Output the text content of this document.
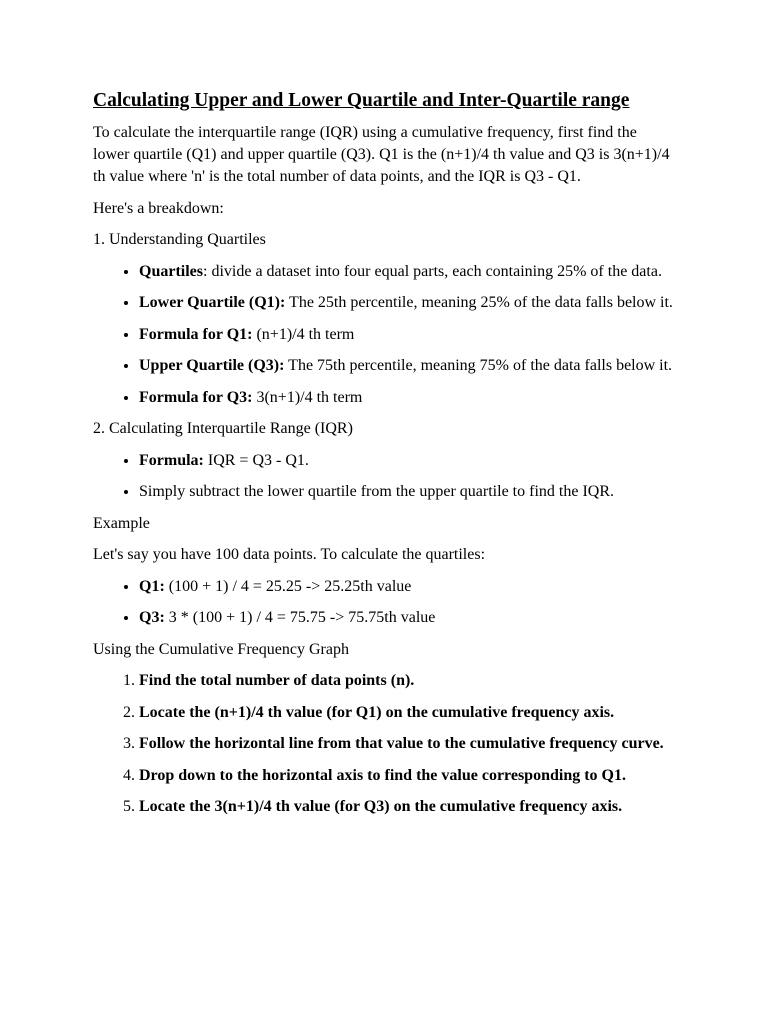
Calculating Upper and Lower Quartile and Inter-Quartile range

To calculate the interquartile range (IQR) using a cumulative frequency, first find the lower quartile (Q1) and upper quartile (Q3). Q1 is the (n+1)/4 th value and Q3 is 3(n+1)/4 th value where 'n' is the total number of data points, and the IQR is Q3 - Q1.

Here's a breakdown:

1. Understanding Quartiles

• Quartiles: divide a dataset into four equal parts, each containing 25% of the data.
• Lower Quartile (Q1): The 25th percentile, meaning 25% of the data falls below it.
• Formula for Q1: (n+1)/4 th term
• Upper Quartile (Q3): The 75th percentile, meaning 75% of the data falls below it.
• Formula for Q3: 3(n+1)/4 th term

2. Calculating Interquartile Range (IQR)

• Formula: IQR = Q3 - Q1.
• Simply subtract the lower quartile from the upper quartile to find the IQR.

Example

Let's say you have 100 data points. To calculate the quartiles:

• Q1: (100 + 1) / 4 = 25.25 -> 25.25th value
• Q3: 3 * (100 + 1) / 4 = 75.75 -> 75.75th value

Using the Cumulative Frequency Graph

1. Find the total number of data points (n).
2. Locate the (n+1)/4 th value (for Q1) on the cumulative frequency axis.
3. Follow the horizontal line from that value to the cumulative frequency curve.
4. Drop down to the horizontal axis to find the value corresponding to Q1.
5. Locate the 3(n+1)/4 th value (for Q3) on the cumulative frequency axis.
